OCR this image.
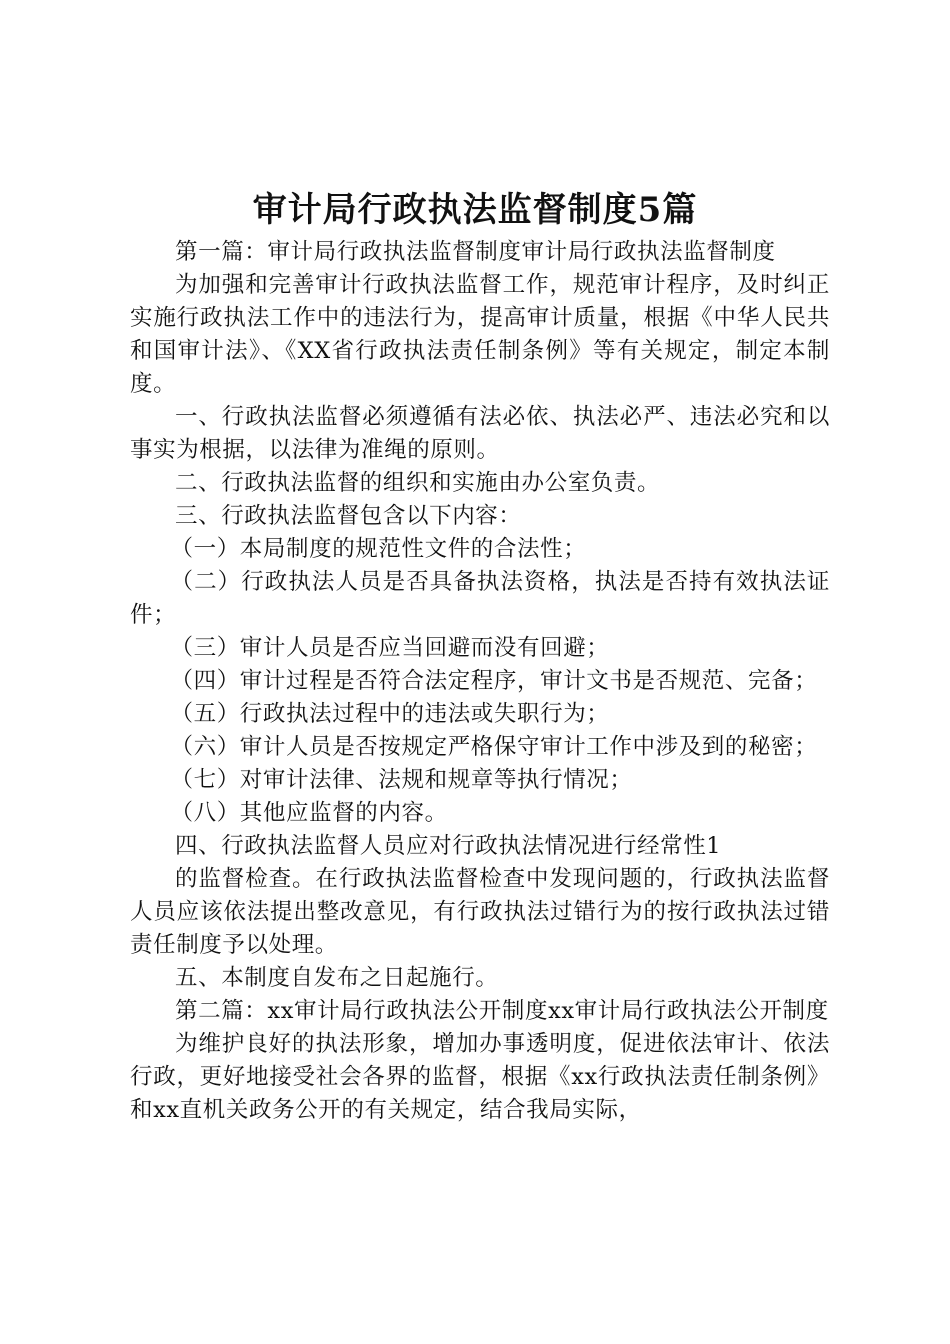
审计局行政执法监督制度5篇

第一篇：审计局行政执法监督制度审计局行政执法监督制度

为加强和完善审计行政执法监督工作，规范审计程序，及时纠正实施行政执法工作中的违法行为，提高审计质量，根据《中华人民共和国审计法》、《XX省行政执法责任制条例》等有关规定，制定本制度。

一、行政执法监督必须遵循有法必依、执法必严、违法必究和以事实为根据，以法律为准绳的原则。

二、行政执法监督的组织和实施由办公室负责。

三、行政执法监督包含以下内容：

（一）本局制度的规范性文件的合法性；

（二）行政执法人员是否具备执法资格，执法是否持有效执法证件；

（三）审计人员是否应当回避而没有回避；

（四）审计过程是否符合法定程序，审计文书是否规范、完备；

（五）行政执法过程中的违法或失职行为；

（六）审计人员是否按规定严格保守审计工作中涉及到的秘密；

（七）对审计法律、法规和规章等执行情况；

（八）其他应监督的内容。

四、行政执法监督人员应对行政执法情况进行经常性1

的监督检查。在行政执法监督检查中发现问题的，行政执法监督人员应该依法提出整改意见，有行政执法过错行为的按行政执法过错责任制度予以处理。

五、本制度自发布之日起施行。

第二篇：xx审计局行政执法公开制度xx审计局行政执法公开制度

为维护良好的执法形象，增加办事透明度，促进依法审计、依法行政，更好地接受社会各界的监督，根据《xx行政执法责任制条例》和xx直机关政务公开的有关规定，结合我局实际，
